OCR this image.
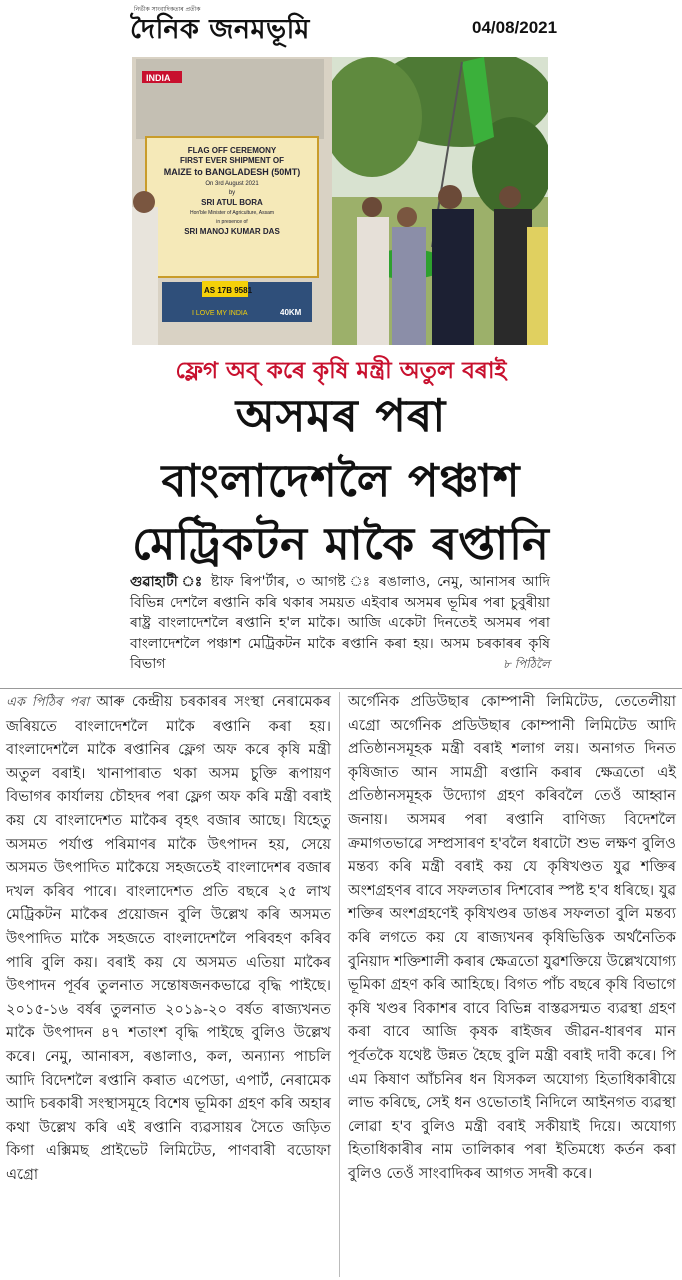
নিৰ্ভীক সাংবাদিকতাৰ প্ৰতীক
দৈনিক জনমভূমি	04/08/2021
INDIA
FLAG OFF CEREMONY
FIRST EVER SHIPMENT OF
MAIZE to BANGLADESH (50MT)
On 3rd August 2021
by
SRI ATUL BORA
Hon'ble Minister of Agriculture, Assam
in presence of
SRI MANOJ KUMAR DAS
AS 17B 9581
I LOVE MY INDIA	40KM
ফ্লেগ অব্ কৰে কৃষি মন্ত্ৰী অতুল বৰাই
অসমৰ পৰা
বাংলাদেশলৈ পঞ্চাশ
মেট্ৰিকটন মাকৈ ৰপ্তানি
গুৱাহাটী ঃ ষ্টাফ ৰিপ'ৰ্টাৰ, ৩ আগষ্ট ঃ ৰঙালাও, নেমু, আনাসৰ আদি বিভিন্ন দেশলৈ ৰপ্তানি কৰি থকাৰ সময়ত এইবাৰ অসমৰ ভূমিৰ পৰা চুবুৰীয়া ৰাষ্ট্ৰ বাংলাদেশলৈ ৰপ্তানি হ'ল মাকৈ। আজি একেটা দিনতেই অসমৰ পৰা বাংলাদেশলৈ পঞ্চাশ মেট্ৰিকটন মাকৈ ৰপ্তানি কৰা হয়। অসম চৰকাৰৰ কৃষি বিভাগ	৮ পিঠিলৈ
এক পিঠিৰ পৰা আৰু কেন্দ্ৰীয় চৰকাৰৰ সংস্থা নেৰামেকৰ জৰিয়তে বাংলাদেশলৈ মাকৈ ৰপ্তানি কৰা হয়। বাংলাদেশলৈ মাকৈ ৰপ্তানিৰ ফ্লেগ অফ কৰে কৃষি মন্ত্ৰী অতুল বৰাই। খানাপাৰাত থকা অসম চুক্তি ৰূপায়ণ বিভাগৰ কাৰ্যালয় চৌহদৰ পৰা ফ্লেগ অফ কৰি মন্ত্ৰী বৰাই কয় যে বাংলাদেশত মাকৈৰ বৃহৎ বজাৰ আছে। যিহেতু অসমত পৰ্যাপ্ত পৰিমাণৰ মাকৈ উৎপাদন হয়, সেয়ে অসমত উৎপাদিত মাকৈয়ে সহজতেই বাংলাদেশৰ বজাৰ দখল কৰিব পাৰে। বাংলাদেশত প্ৰতি বছৰে ২৫ লাখ মেট্ৰিকটন মাকৈৰ প্ৰয়োজন বুলি উল্লেখ কৰি অসমত উৎপাদিত মাকৈ সহজতে বাংলাদেশলৈ পৰিবহণ কৰিব পাৰি বুলি কয়। বৰাই কয় যে অসমত এতিয়া মাকৈৰ উৎপাদন পূৰ্বৰ তুলনাত সন্তোষজনকভাৱে বৃদ্ধি পাইছে। ২০১৫-১৬ বৰ্ষৰ তুলনাত ২০১৯-২০ বৰ্ষত ৰাজ্যখনত মাকৈ উৎপাদন ৪৭ শতাংশ বৃদ্ধি পাইছে বুলিও উল্লেখ কৰে। নেমু, আনাৰস, ৰঙালাও, কল, অন্যান্য পাচলি আদি বিদেশলৈ ৰপ্তানি কৰাত এপেডা, এপাৰ্ট, নেৰামেক আদি চৰকাৰী সংস্থাসমূহে বিশেষ ভূমিকা গ্ৰহণ কৰি অহাৰ কথা উল্লেখ কৰি এই ৰপ্তানি ব্যৱসায়ৰ সৈতে জড়িত কিগা এক্সিমছ প্ৰাইভেট লিমিটেড, পাণবাৰী বডোফা এগ্ৰো
অৰ্গেনিক প্ৰডিউছাৰ কোম্পানী লিমিটেড, তেতেলীয়া এগ্ৰো অৰ্গেনিক প্ৰডিউছাৰ কোম্পানী লিমিটেড আদি প্ৰতিষ্ঠানসমূহক মন্ত্ৰী বৰাই শলাগ লয়। অনাগত দিনত কৃষিজাত আন সামগ্ৰী ৰপ্তানি কৰাৰ ক্ষেত্ৰতো এই প্ৰতিষ্ঠানসমূহক উদ্যোগ গ্ৰহণ কৰিবলৈ তেওঁ আহ্বান জনায়। অসমৰ পৰা ৰপ্তানি বাণিজ্য বিদেশলৈ ক্ৰমাগতভাৱে সম্প্ৰসাৰণ হ'বলৈ ধৰাটো শুভ লক্ষণ বুলিও মন্তব্য কৰি মন্ত্ৰী বৰাই কয় যে কৃষিখণ্ডত যুৱ শক্তিৰ অংশগ্ৰহণৰ বাবে সফলতাৰ দিশবোৰ স্পষ্ট হ'ব ধৰিছে। যুৱ শক্তিৰ অংশগ্ৰহণেই কৃষিখণ্ডৰ ডাঙৰ সফলতা বুলি মন্তব্য কৰি লগতে কয় যে ৰাজ্যখনৰ কৃষিভিত্তিক অৰ্থনৈতিক বুনিয়াদ শক্তিশালী কৰাৰ ক্ষেত্ৰতো যুৱশক্তিয়ে উল্লেখযোগ্য ভূমিকা গ্ৰহণ কৰি আহিছে। বিগত পাঁচ বছৰে কৃষি বিভাগে কৃষি খণ্ডৰ বিকাশৰ বাবে বিভিন্ন বাস্তৱসন্মত ব্যৱস্থা গ্ৰহণ কৰা বাবে আজি কৃষক ৰাইজৰ জীৱন-ধাৰণৰ মান পূৰ্বতকৈ যথেষ্ট উন্নত হৈছে বুলি মন্ত্ৰী বৰাই দাবী কৰে। পি এম কিষাণ আঁচনিৰ ধন যিসকল অযোগ্য হিতাধিকাৰীয়ে লাভ কৰিছে, সেই ধন ওভোতাই নিদিলে আইনগত ব্যৱস্থা লোৱা হ'ব বুলিও মন্ত্ৰী বৰাই সকীয়াই দিয়ে। অযোগ্য হিতাধিকাৰীৰ নাম তালিকাৰ পৰা ইতিমধ্যে কৰ্তন কৰা বুলিও তেওঁ সাংবাদিকৰ আগত সদৰী কৰে।
